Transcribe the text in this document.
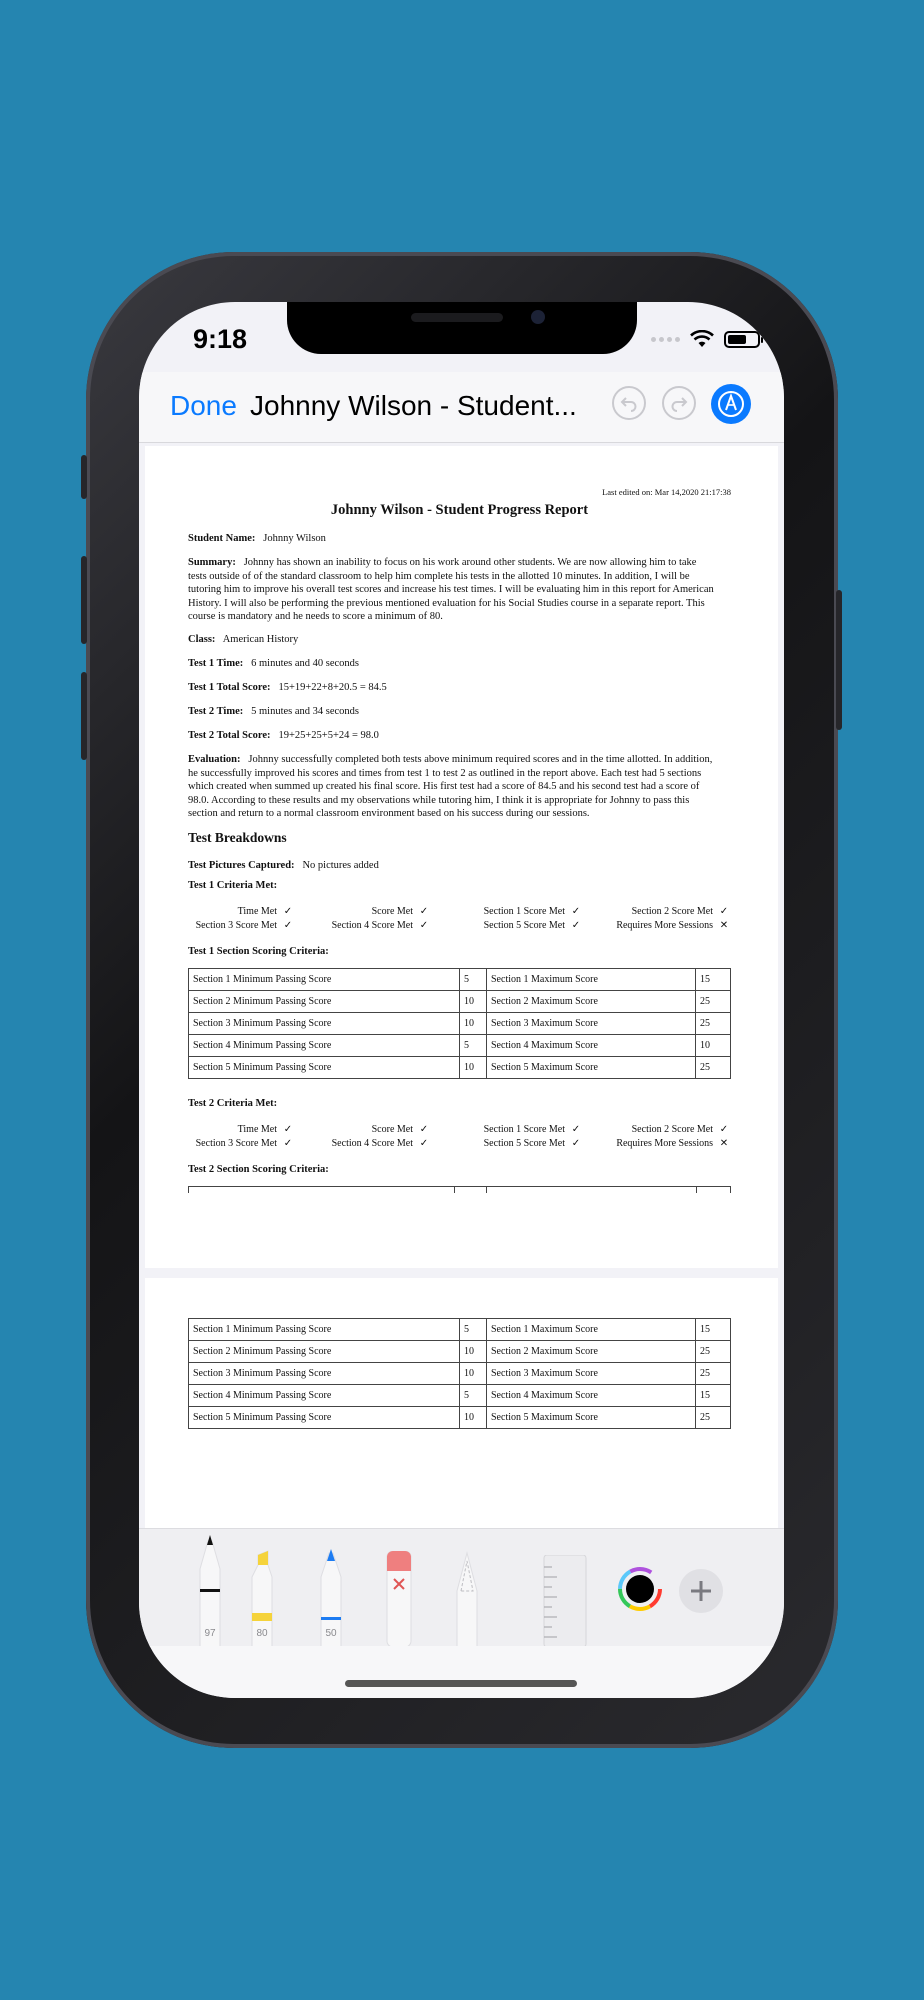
9:18
Done Johnny Wilson - Student...
Last edited on: Mar 14,2020 21:17:38
Johnny Wilson - Student Progress Report
Student Name: Johnny Wilson
Summary: Johnny has shown an inability to focus on his work around other students. We are now allowing him to take
tests outside of of the standard classroom to help him complete his tests in the allotted 10 minutes. In addition, I will be
tutoring him to improve his overall test scores and increase his test times. I will be evaluating him in this report for American
History. I will also be performing the previous mentioned evaluation for his Social Studies course in a separate report. This
course is mandatory and he needs to score a minimum of 80.
Class: American History
Test 1 Time: 6 minutes and 40 seconds
Test 1 Total Score: 15+19+22+8+20.5 = 84.5
Test 2 Time: 5 minutes and 34 seconds
Test 2 Total Score: 19+25+25+5+24 = 98.0
Evaluation: Johnny successfully completed both tests above minimum required scores and in the time allotted. In addition,
he successfully improved his scores and times from test 1 to test 2 as outlined in the report above. Each test had 5 sections
which created when summed up created his final score. His first test had a score of 84.5 and his second test had a score of
98.0. According to these results and my observations while tutoring him, I think it is appropriate for Johnny to pass this
section and return to a normal classroom environment based on his success during our sessions.
Test Breakdowns
Test Pictures Captured: No pictures added
Test 1 Criteria Met:
Time Met ✓	Score Met ✓	Section 1 Score Met ✓	Section 2 Score Met ✓
Section 3 Score Met ✓	Section 4 Score Met ✓	Section 5 Score Met ✓	Requires More Sessions ✕
Test 1 Section Scoring Criteria:
Section 1 Minimum Passing Score	5	Section 1 Maximum Score	15
Section 2 Minimum Passing Score	10	Section 2 Maximum Score	25
Section 3 Minimum Passing Score	10	Section 3 Maximum Score	25
Section 4 Minimum Passing Score	5	Section 4 Maximum Score	10
Section 5 Minimum Passing Score	10	Section 5 Maximum Score	25
Test 2 Criteria Met:
Time Met ✓	Score Met ✓	Section 1 Score Met ✓	Section 2 Score Met ✓
Section 3 Score Met ✓	Section 4 Score Met ✓	Section 5 Score Met ✓	Requires More Sessions ✕
Test 2 Section Scoring Criteria:
Section 1 Minimum Passing Score	5	Section 1 Maximum Score	15
Section 2 Minimum Passing Score	10	Section 2 Maximum Score	25
Section 3 Minimum Passing Score	10	Section 3 Maximum Score	25
Section 4 Minimum Passing Score	5	Section 4 Maximum Score	15
Section 5 Minimum Passing Score	10	Section 5 Maximum Score	25
97	80	50
